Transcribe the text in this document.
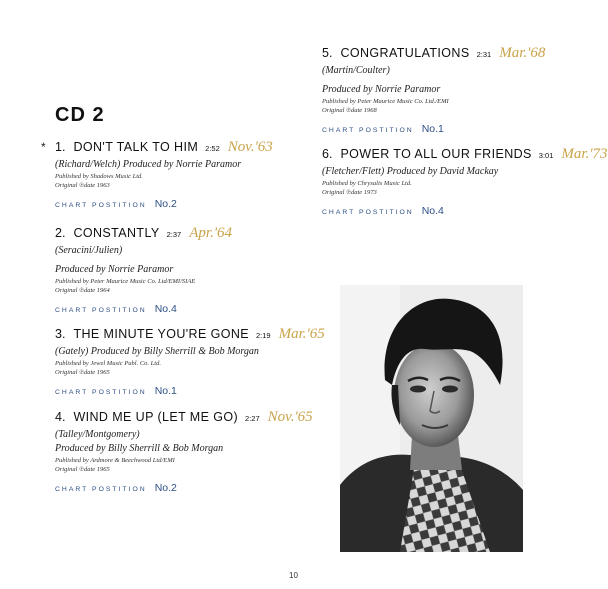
CD 2
* 1. DON'T TALK TO HIM 2:52 Nov.'63
(Richard/Welch) Produced by Norrie Paramor
Published by Shadows Music Ltd.
Original ℗date 1963
CHART POSTITION No.2
2. CONSTANTLY 2:37 Apr.'64
(Seracini/Julien)
Produced by Norrie Paramor
Published by Peter Maurice Music Co. Ltd/EMI/SIAE
Original ℗date 1964
CHART POSTITION No.4
3. THE MINUTE YOU'RE GONE 2:19 Mar.'65
(Gately) Produced by Billy Sherrill & Bob Morgan
Published by Jewel Music Publ. Co. Ltd.
Original ℗date 1965
CHART POSTITION No.1
4. WIND ME UP (LET ME GO) 2:27 Nov.'65
(Talley/Montgomery)
Produced by Billy Sherrill & Bob Morgan
Published by Ardmore & Beechwood Ltd/EMI
Original ℗date 1965
CHART POSTITION No.2
5. CONGRATULATIONS 2:31 Mar.'68
(Martin/Coulter)
Produced by Norrie Paramor
Published by Peter Maurice Music Co. Ltd./EMI
Original ℗date 1968
CHART POSTITION No.1
6. POWER TO ALL OUR FRIENDS 3:01 Mar.'73
(Fletcher/Flett) Produced by David Mackay
Published by Chrysalis Music Ltd.
Original ℗date 1973
CHART POSTITION No.4
10
